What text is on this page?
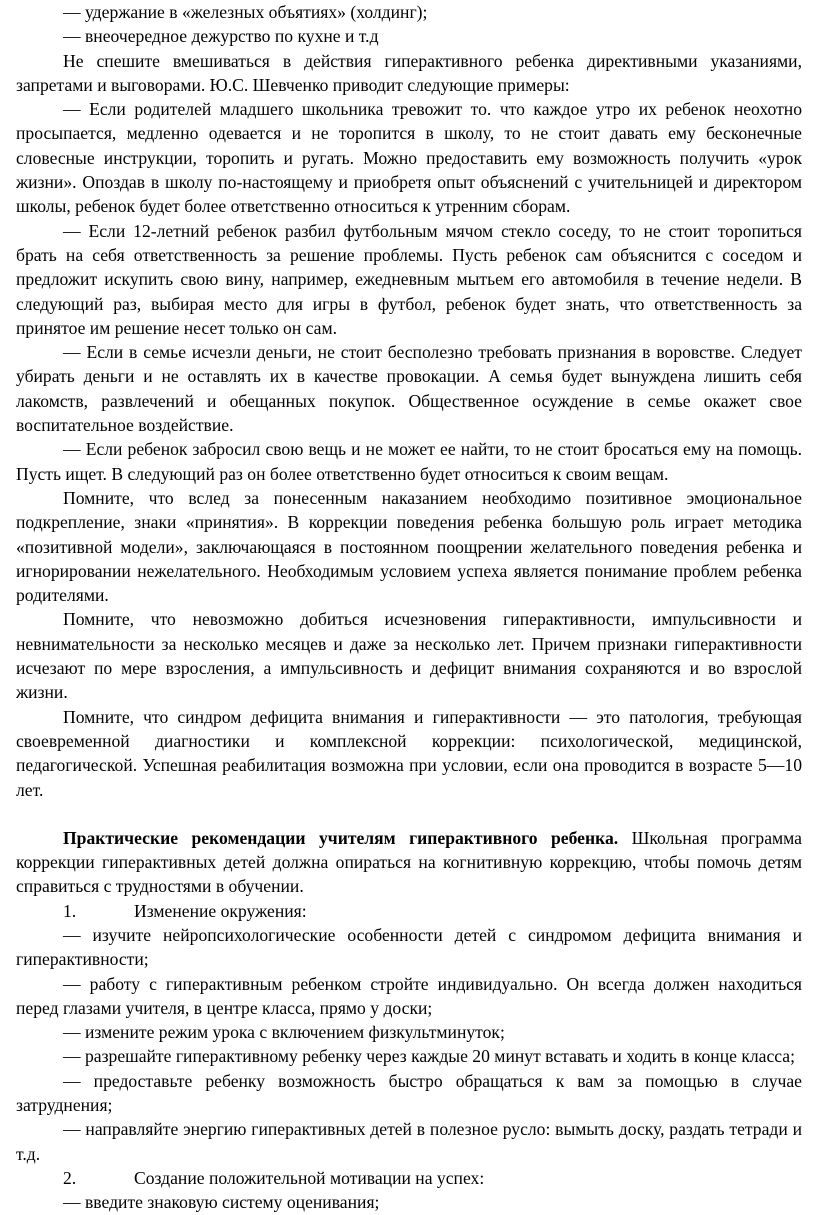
— удержание в «железных объятиях» (холдинг);

— внеочередное дежурство по кухне и т.д

Не спешите вмешиваться в действия гиперактивного ребенка директивными указаниями, запретами и выговорами. Ю.С. Шевченко приводит следующие примеры:

— Если родителей младшего школьника тревожит то. что каждое утро их ребенок неохотно просыпается, медленно одевается и не торопится в школу, то не стоит давать ему бесконечные словесные инструкции, торопить и ругать. Можно предоставить ему возможность получить «урок жизни». Опоздав в школу по-настоящему и приобретя опыт объяснений с учительницей и директором школы, ребенок будет более ответственно относиться к утренним сборам.

— Если 12-летний ребенок разбил футбольным мячом стекло соседу, то не стоит торопиться брать на себя ответственность за решение проблемы. Пусть ребенок сам объяснится с соседом и предложит искупить свою вину, например, ежедневным мытьем его автомобиля в течение недели. В следующий раз, выбирая место для игры в футбол, ребенок будет знать, что ответственность за принятое им решение несет только он сам.

— Если в семье исчезли деньги, не стоит бесполезно требовать признания в воровстве. Следует убирать деньги и не оставлять их в качестве провокации. А семья будет вынуждена лишить себя лакомств, развлечений и обещанных покупок. Общественное осуждение в семье окажет свое воспитательное воздействие.

— Если ребенок забросил свою вещь и не может ее найти, то не стоит бросаться ему на помощь. Пусть ищет. В следующий раз он более ответственно будет относиться к своим вещам.

Помните, что вслед за понесенным наказанием необходимо позитивное эмоциональное подкрепление, знаки «принятия». В коррекции поведения ребенка большую роль играет методика «позитивной модели», заключающаяся в постоянном поощрении желательного поведения ребенка и игнорировании нежелательного. Необходимым условием успеха является понимание проблем ребенка родителями.

Помните, что невозможно добиться исчезновения гиперактивности, импульсивности и невнимательности за несколько месяцев и даже за несколько лет. Причем признаки гиперактивности исчезают по мере взросления, а импульсивность и дефицит внимания сохраняются и во взрослой жизни.

Помните, что синдром дефицита внимания и гиперактивности — это патология, требующая своевременной диагностики и комплексной коррекции: психологической, медицинской, педагогической. Успешная реабилитация возможна при условии, если она проводится в возрасте 5—10 лет.

Практические рекомендации учителям гиперактивного ребенка. Школьная программа коррекции гиперактивных детей должна опираться на когнитивную коррекцию, чтобы помочь детям справиться с трудностями в обучении.

1.	Изменение окружения:

— изучите нейропсихологические особенности детей с синдромом дефицита внимания и гиперактивности;

— работу с гиперактивным ребенком стройте индивидуально. Он всегда должен находиться перед глазами учителя, в центре класса, прямо у доски;

— измените режим урока с включением физкультминуток;

— разрешайте гиперактивному ребенку через каждые 20 минут вставать и ходить в конце класса;

— предоставьте ребенку возможность быстро обращаться к вам за помощью в случае затруднения;

— направляйте энергию гиперактивных детей в полезное русло: вымыть доску, раздать тетради и т.д.

2.	Создание положительной мотивации на успех:

— введите знаковую систему оценивания;
